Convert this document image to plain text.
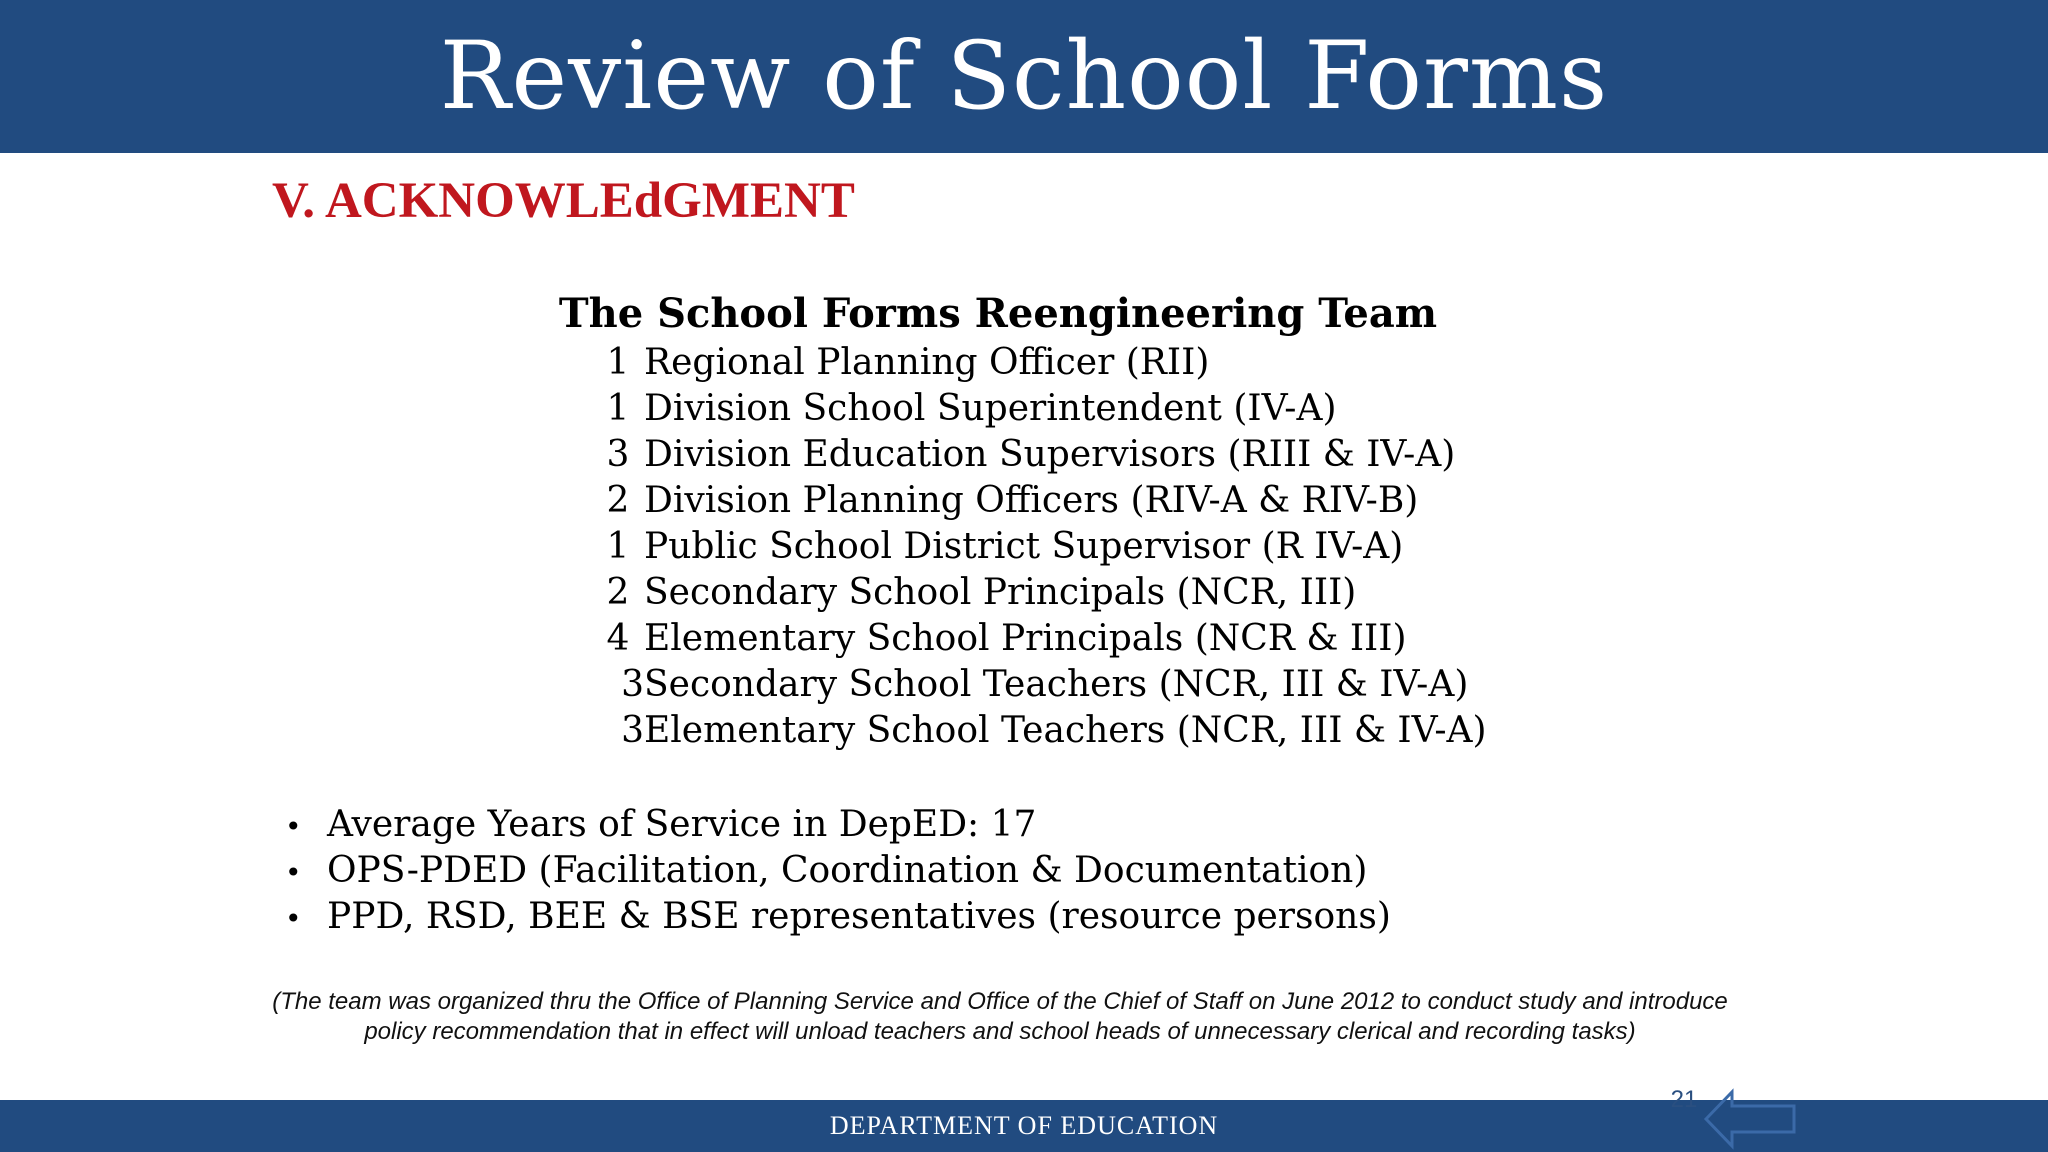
Review of School Forms
V. ACKNOWLEdGMENT
The School Forms Reengineering Team
1 Regional Planning Officer (RII)
1 Division School Superintendent (IV-A)
3 Division Education Supervisors (RIII & IV-A)
2 Division Planning Officers (RIV-A & RIV-B)
1 Public School District Supervisor (R IV-A)
2 Secondary School Principals (NCR, III)
4 Elementary School Principals (NCR & III)
3Secondary School Teachers (NCR, III & IV-A)
3Elementary School Teachers (NCR, III & IV-A)
• Average Years of Service in DepED: 17
• OPS-PDED (Facilitation, Coordination & Documentation)
• PPD, RSD, BEE & BSE representatives (resource persons)

(The team was organized thru the Office of Planning Service and Office of the Chief of Staff on June 2012 to conduct study and introduce policy recommendation that in effect will unload teachers and school heads of unnecessary clerical and recording tasks)

DEPARTMENT OF EDUCATION
21
